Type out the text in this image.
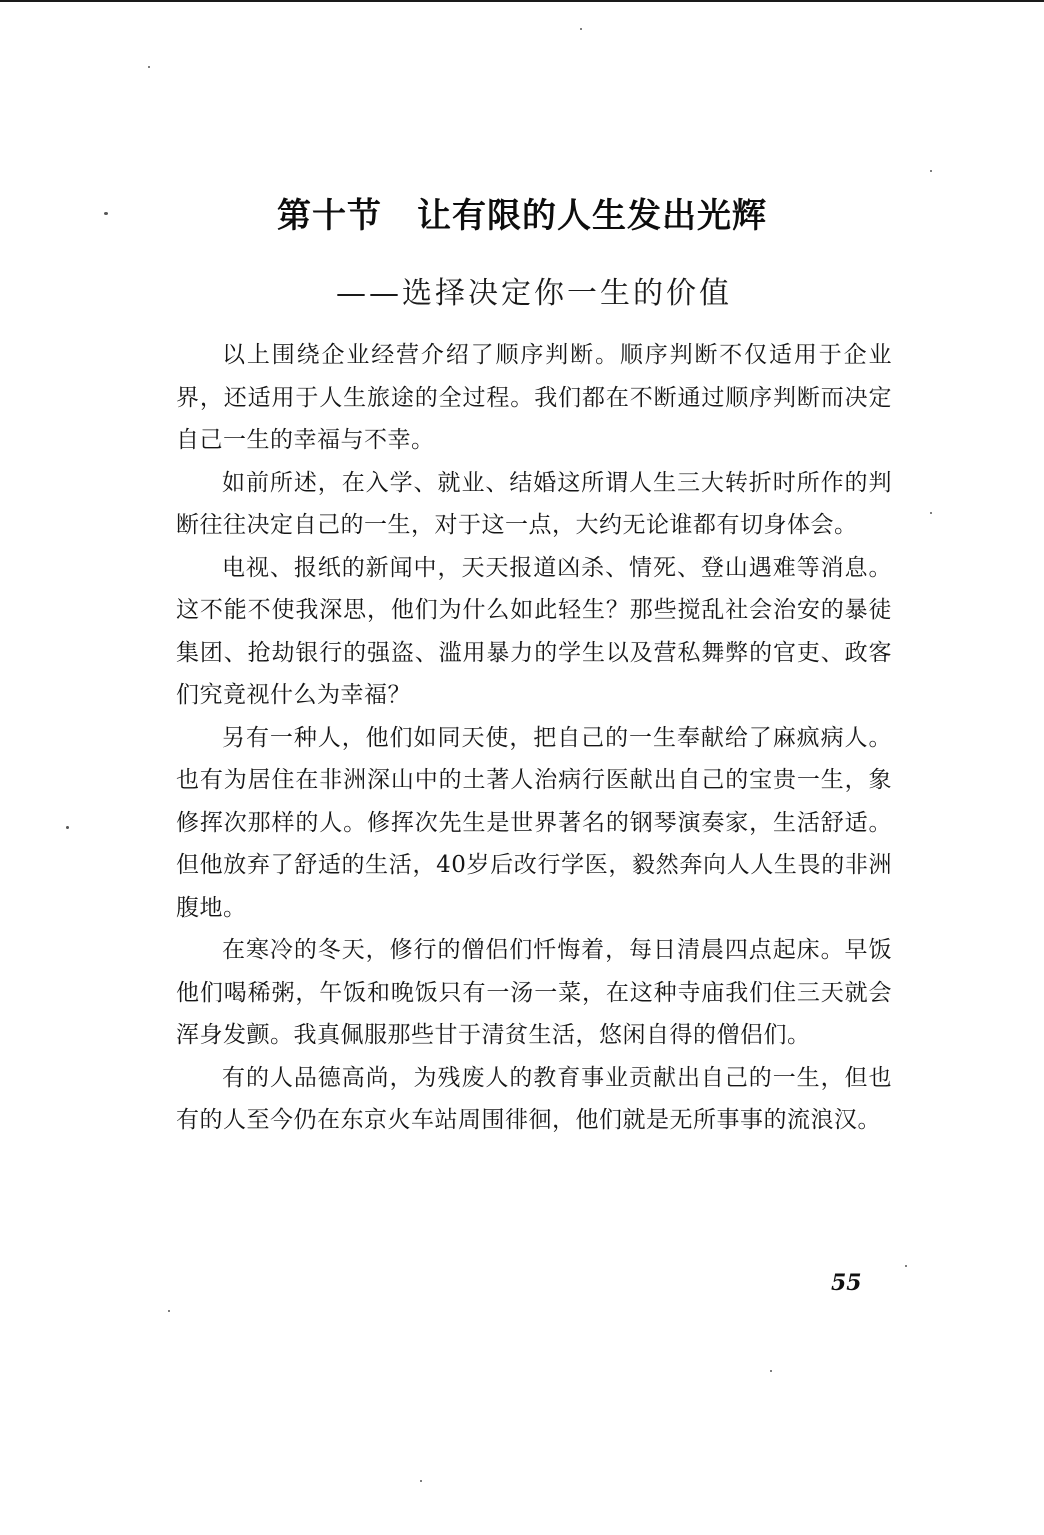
第十节　让有限的人生发出光辉
——选择决定你一生的价值

以上围绕企业经营介绍了顺序判断。顺序判断不仅适用于企业界，还适用于人生旅途的全过程。我们都在不断通过顺序判断而决定自己一生的幸福与不幸。

如前所述，在入学、就业、结婚这所谓人生三大转折时所作的判断往往决定自己的一生，对于这一点，大约无论谁都有切身体会。

电视、报纸的新闻中，天天报道凶杀、情死、登山遇难等消息。这不能不使我深思，他们为什么如此轻生？那些搅乱社会治安的暴徒集团、抢劫银行的强盗、滥用暴力的学生以及营私舞弊的官吏、政客们究竟视什么为幸福？

另有一种人，他们如同天使，把自己的一生奉献给了麻疯病人。也有为居住在非洲深山中的土著人治病行医献出自己的宝贵一生，象修挥次那样的人。修挥次先生是世界著名的钢琴演奏家，生活舒适。但他放弃了舒适的生活，40岁后改行学医，毅然奔向人人生畏的非洲腹地。

在寒冷的冬天，修行的僧侣们忏悔着，每日清晨四点起床。早饭他们喝稀粥，午饭和晚饭只有一汤一菜，在这种寺庙我们住三天就会浑身发颤。我真佩服那些甘于清贫生活，悠闲自得的僧侣们。

有的人品德高尚，为残废人的教育事业贡献出自己的一生，但也有的人至今仍在东京火车站周围徘徊，他们就是无所事事的流浪汉。

55
